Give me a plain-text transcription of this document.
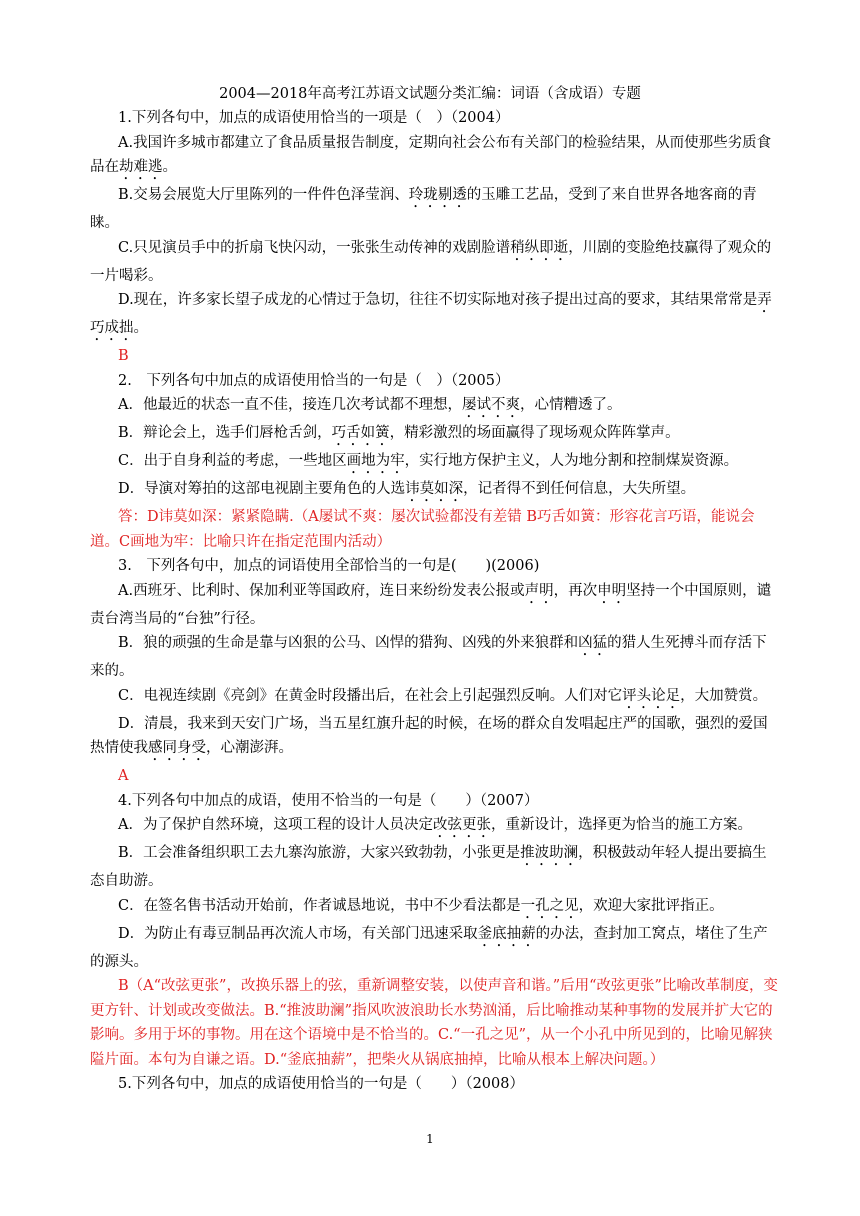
2004—2018年高考江苏语文试题分类汇编：词语（含成语）专题

1.下列各句中，加点的成语使用恰当的一项是（　）（2004）

A.我国许多城市都建立了食品质量报告制度，定期向社会公布有关部门的检验结果，从而使那些劣质食品在劫难逃。

B.交易会展览大厅里陈列的一件件色泽莹润、玲珑剔透的玉雕工艺品，受到了来自世界各地客商的青睐。

C.只见演员手中的折扇飞快闪动，一张张生动传神的戏剧脸谱稍纵即逝，川剧的变脸绝技赢得了观众的一片喝彩。

D.现在，许多家长望子成龙的心情过于急切，往往不切实际地对孩子提出过高的要求，其结果常常是弄巧成拙。

B

2.　下列各句中加点的成语使用恰当的一句是（　）（2005）

A．他最近的状态一直不佳，接连几次考试都不理想，屡试不爽，心情糟透了。

B．辩论会上，选手们唇枪舌剑，巧舌如簧，精彩激烈的场面赢得了现场观众阵阵掌声。

C．出于自身利益的考虑，一些地区画地为牢，实行地方保护主义，人为地分割和控制煤炭资源。

D．导演对筹拍的这部电视剧主要角色的人选讳莫如深，记者得不到任何信息，大失所望。

答：D讳莫如深：紧紧隐瞒.（A屡试不爽：屡次试验都没有差错 B巧舌如簧：形容花言巧语，能说会道。C画地为牢：比喻只许在指定范围内活动）

3.　下列各句中，加点的词语使用全部恰当的一句是(　　)(2006)

A.西班牙、比利时、保加利亚等国政府，连日来纷纷发表公报或声明，再次申明坚持一个中国原则，谴责台湾当局的“台独”行径。

B．狼的顽强的生命是靠与凶狠的公马、凶悍的猎狗、凶残的外来狼群和凶猛的猎人生死搏斗而存活下来的。

C．电视连续剧《亮剑》在黄金时段播出后，在社会上引起强烈反响。人们对它评头论足，大加赞赏。

D．清晨，我来到天安门广场，当五星红旗升起的时候，在场的群众自发唱起庄严的国歌，强烈的爱国热情使我感同身受，心潮澎湃。

A

4.下列各句中加点的成语，使用不恰当的一句是（　　）（2007）

A．为了保护自然环境，这项工程的设计人员决定改弦更张，重新设计，选择更为恰当的施工方案。

B．工会准备组织职工去九寨沟旅游，大家兴致勃勃，小张更是推波助澜，积极鼓动年轻人提出要搞生态自助游。

C．在签名售书活动开始前，作者诚恳地说，书中不少看法都是一孔之见，欢迎大家批评指正。

D．为防止有毒豆制品再次流人市场，有关部门迅速采取釜底抽薪的办法，查封加工窝点，堵住了生产的源头。

B（A“改弦更张”，改换乐器上的弦，重新调整安装，以使声音和谐。”后用“改弦更张”比喻改革制度，变更方针、计划或改变做法。B.“推波助澜”指风吹波浪助长水势汹涌，后比喻推动某种事物的发展并扩大它的影响。多用于坏的事物。用在这个语境中是不恰当的。C.“一孔之见”，从一个小孔中所见到的，比喻见解狭隘片面。本句为自谦之语。D.“釜底抽薪”，把柴火从锅底抽掉，比喻从根本上解决问题。）

5.下列各句中，加点的成语使用恰当的一句是（　　）（2008）

1
